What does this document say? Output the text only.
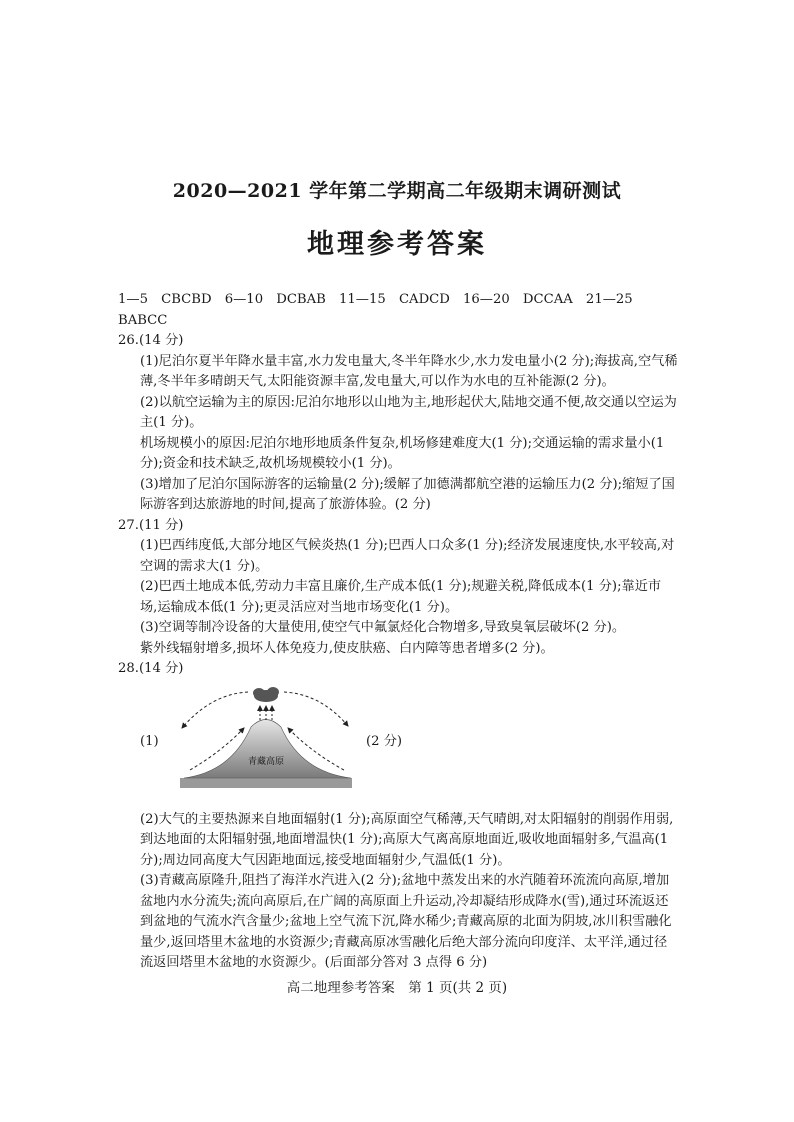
2020—2021 学年第二学期高二年级期末调研测试
地理参考答案

1—5　CBCBD　6—10　DCBAB　11—15　CADCD　16—20　DCCAA　21—25　BABCC

26.(14 分)

(1)尼泊尔夏半年降水量丰富,水力发电量大,冬半年降水少,水力发电量小(2 分);海拔高,空气稀薄,冬半年多晴朗天气,太阳能资源丰富,发电量大,可以作为水电的互补能源(2 分)。

(2)以航空运输为主的原因:尼泊尔地形以山地为主,地形起伏大,陆地交通不便,故交通以空运为主(1 分)。

机场规模小的原因:尼泊尔地形地质条件复杂,机场修建难度大(1 分);交通运输的需求量小(1 分);资金和技术缺乏,故机场规模较小(1 分)。

(3)增加了尼泊尔国际游客的运输量(2 分);缓解了加德满都航空港的运输压力(2 分);缩短了国际游客到达旅游地的时间,提高了旅游体验。(2 分)

27.(11 分)

(1)巴西纬度低,大部分地区气候炎热(1 分);巴西人口众多(1 分);经济发展速度快,水平较高,对空调的需求大(1 分)。

(2)巴西土地成本低,劳动力丰富且廉价,生产成本低(1 分);规避关税,降低成本(1 分);靠近市场,运输成本低(1 分);更灵活应对当地市场变化(1 分)。

(3)空调等制冷设备的大量使用,使空气中氟氯烃化合物增多,导致臭氧层破坏(2 分)。

紫外线辐射增多,损坏人体免疫力,使皮肤癌、白内障等患者增多(2 分)。

28.(14 分)

(1)
青藏高原
(2 分)

(2)大气的主要热源来自地面辐射(1 分);高原面空气稀薄,天气晴朗,对太阳辐射的削弱作用弱,到达地面的太阳辐射强,地面增温快(1 分);高原大气离高原地面近,吸收地面辐射多,气温高(1 分);周边同高度大气因距地面远,接受地面辐射少,气温低(1 分)。

(3)青藏高原隆升,阻挡了海洋水汽进入(2 分);盆地中蒸发出来的水汽随着环流流向高原,增加盆地内水分流失;流向高原后,在广阔的高原面上升运动,冷却凝结形成降水(雪),通过环流返还到盆地的气流水汽含量少;盆地上空气流下沉,降水稀少;青藏高原的北面为阴坡,冰川积雪融化量少,返回塔里木盆地的水资源少;青藏高原冰雪融化后绝大部分流向印度洋、太平洋,通过径流返回塔里木盆地的水资源少。(后面部分答对 3 点得 6 分)

高二地理参考答案　第 1 页(共 2 页)
